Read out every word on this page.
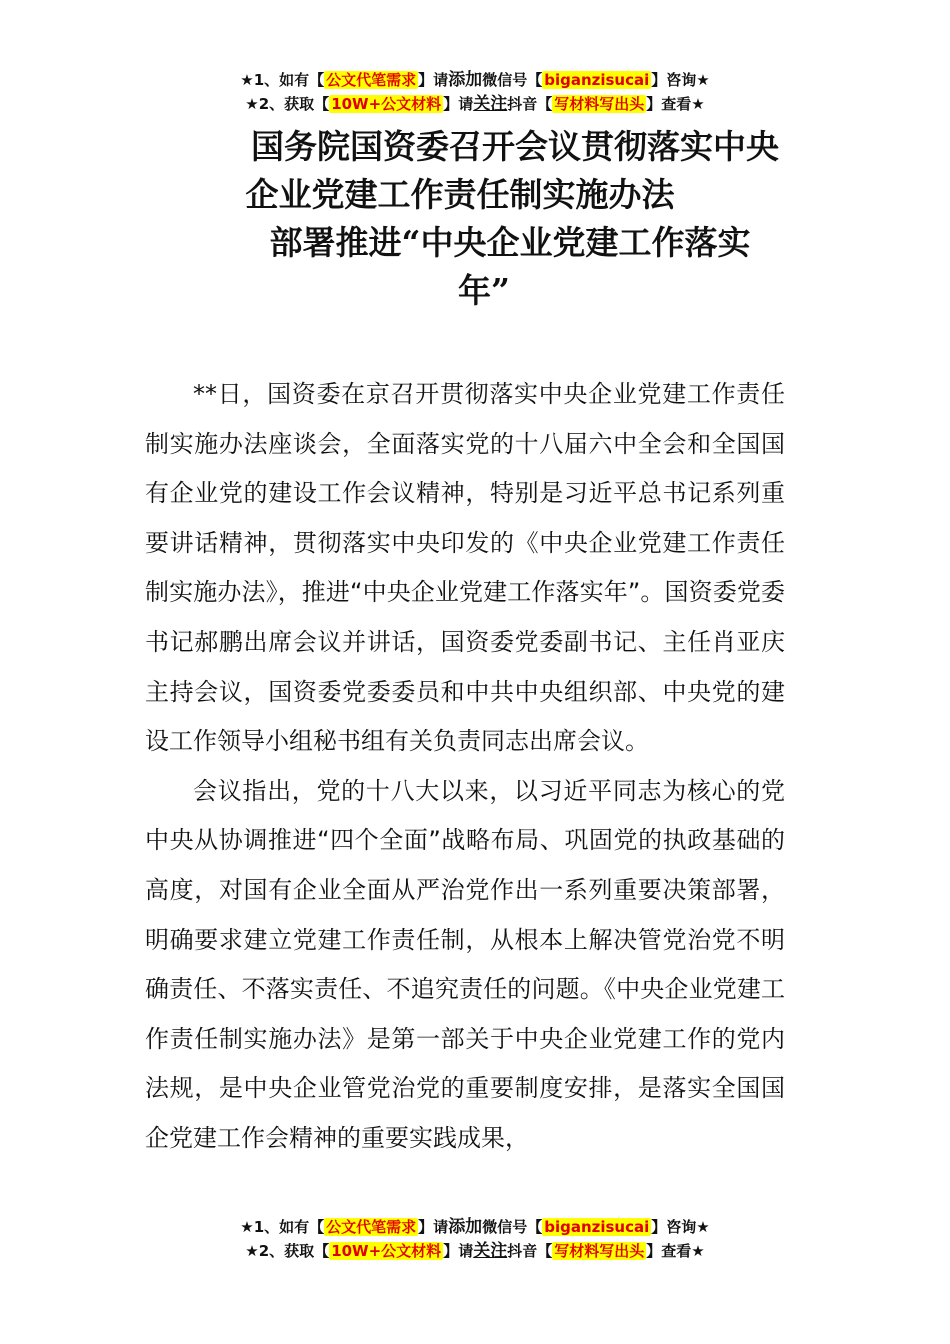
★1、如有【 公文代笔需求 】请添加微信号【 biganzisucai 】咨询★
★2、获取【 10W+公文材料 】请关注抖音【 写材料写出头 】查看★
国务院国资委召开会议贯彻落实中央
企业党建工作责任制实施办法
部署推进“中央企业党建工作落实
年”

**日，国资委在京召开贯彻落实中央企业党建工作责任制实施办法座谈会，全面落实党的十八届六中全会和全国国有企业党的建设工作会议精神，特别是习近平总书记系列重要讲话精神，贯彻落实中央印发的《中央企业党建工作责任制实施办法》，推进“中央企业党建工作落实年”。国资委党委书记郝鹏出席会议并讲话，国资委党委副书记、主任肖亚庆主持会议，国资委党委委员和中共中央组织部、中央党的建设工作领导小组秘书组有关负责同志出席会议。

会议指出，党的十八大以来，以习近平同志为核心的党中央从协调推进“四个全面”战略布局、巩固党的执政基础的高度，对国有企业全面从严治党作出一系列重要决策部署，明确要求建立党建工作责任制，从根本上解决管党治党不明确责任、不落实责任、不追究责任的问题。《中央企业党建工作责任制实施办法》是第一部关于中央企业党建工作的党内法规，是中央企业管党治党的重要制度安排，是落实全国国企党建工作会精神的重要实践成果，

★1、如有【 公文代笔需求 】请添加微信号【 biganzisucai 】咨询★
★2、获取【 10W+公文材料 】请关注抖音【 写材料写出头 】查看★
